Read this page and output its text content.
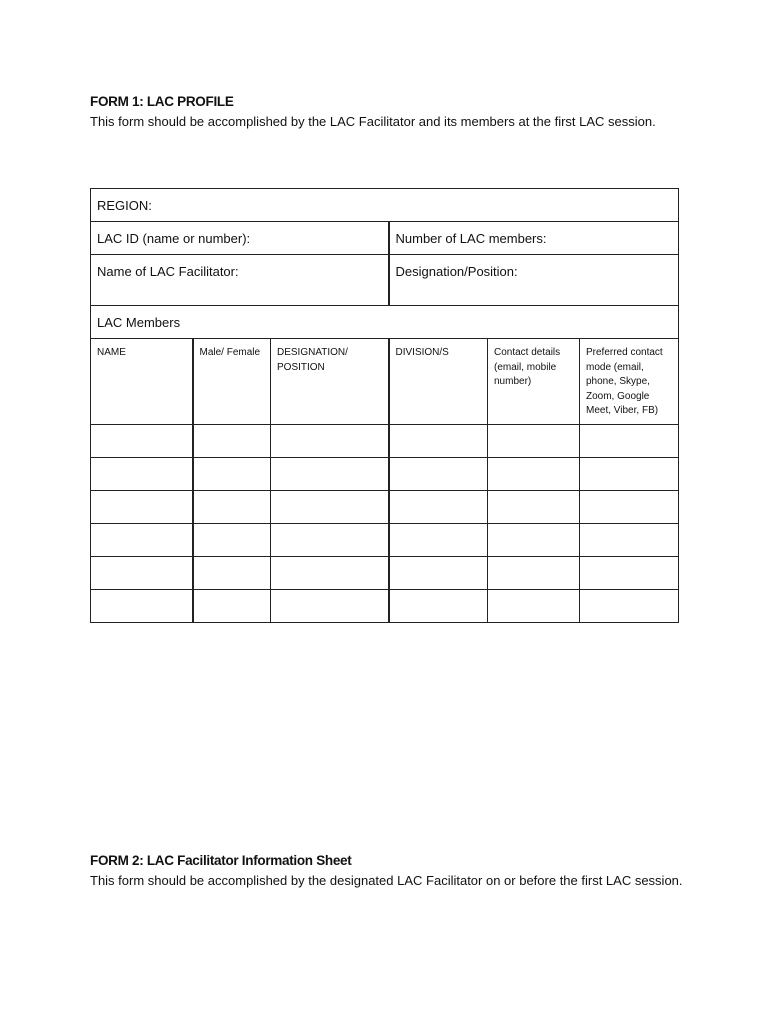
FORM 1: LAC PROFILE

This form should be accomplished by the LAC Facilitator and its members at the first LAC session.

REGION:					
LAC ID (name or number):			Number of LAC members:		
Name of LAC Facilitator:			Designation/Position:		
LAC Members					
NAME	Male/ Female	DESIGNATION/ POSITION	DIVISION/S	Contact details (email, mobile number)	Preferred contact mode (email, phone, Skype, Zoom, Google Meet, Viber, FB)

FORM 2: LAC Facilitator Information Sheet

This form should be accomplished by the designated LAC Facilitator on or before the first LAC session.
